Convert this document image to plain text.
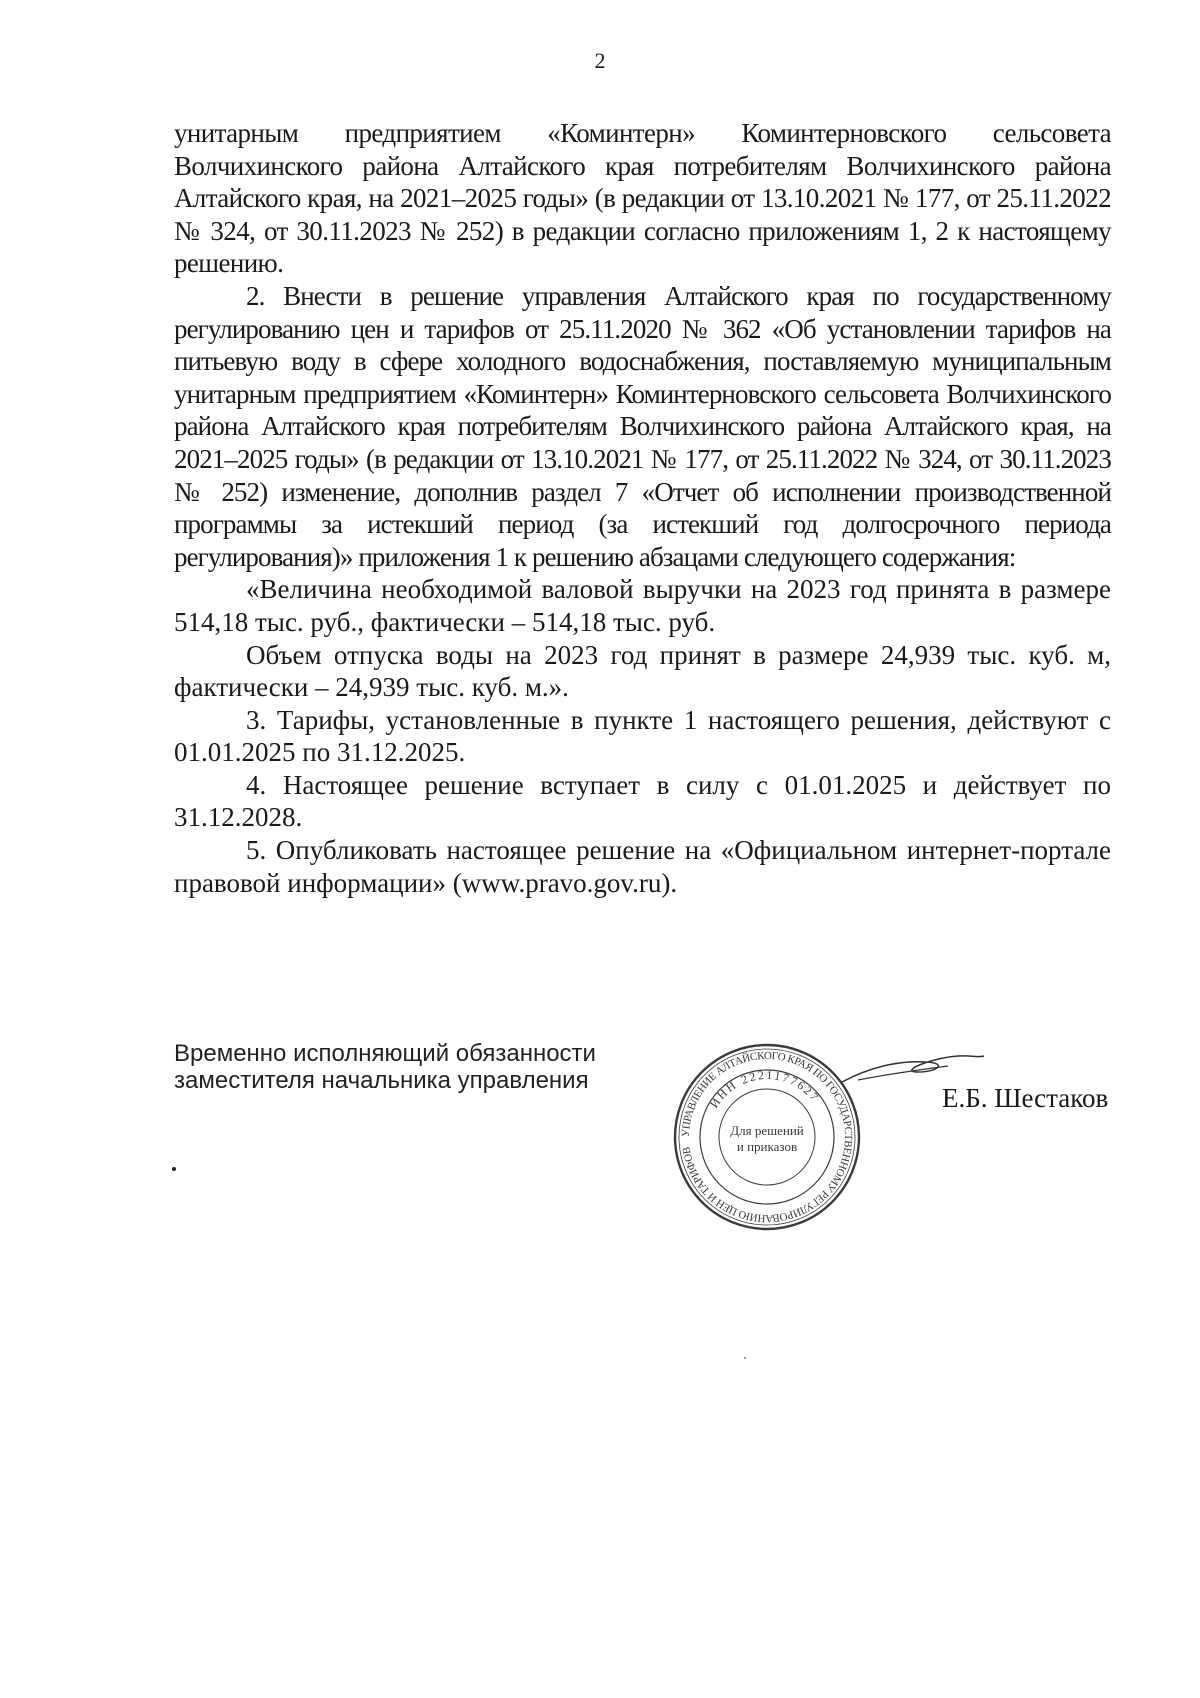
2

унитарным предприятием «Коминтерн» Коминтерновского сельсовета Волчихинского района Алтайского края потребителям Волчихинского района Алтайского края, на 2021–2025 годы» (в редакции от 13.10.2021 № 177, от 25.11.2022 № 324, от 30.11.2023 № 252) в редакции согласно приложениям 1, 2 к настоящему решению.

2. Внести в решение управления Алтайского края по государственному регулированию цен и тарифов от 25.11.2020 № 362 «Об установлении тарифов на питьевую воду в сфере холодного водоснабжения, поставляемую муниципальным унитарным предприятием «Коминтерн» Коминтерновского сельсовета Волчихинского района Алтайского края потребителям Волчихинского района Алтайского края, на 2021–2025 годы» (в редакции от 13.10.2021 № 177, от 25.11.2022 № 324, от 30.11.2023 № 252) изменение, дополнив раздел 7 «Отчет об исполнении производственной программы за истекший период (за истекший год долгосрочного периода регулирования)» приложения 1 к решению абзацами следующего содержания:

«Величина необходимой валовой выручки на 2023 год принята в размере 514,18 тыс. руб., фактически – 514,18 тыс. руб.

Объем отпуска воды на 2023 год принят в размере 24,939 тыс. куб. м, фактически – 24,939 тыс. куб. м.».

3. Тарифы, установленные в пункте 1 настоящего решения, действуют с 01.01.2025 по 31.12.2025.

4. Настоящее решение вступает в силу с 01.01.2025 и действует по 31.12.2028.

5. Опубликовать настоящее решение на «Официальном интернет-портале правовой информации» (www.pravo.gov.ru).

Временно исполняющий обязанности
заместителя начальника управления
УПРАВЛЕНИЕ АЛТАЙСКОГО КРАЯ ПО ГОСУДАРСТВЕННОМУ РЕГУЛИРОВАНИЮ ЦЕН И ТАРИФОВ
ИНН 2221177627
Для решений
и приказов
Е.Б. Шестаков
